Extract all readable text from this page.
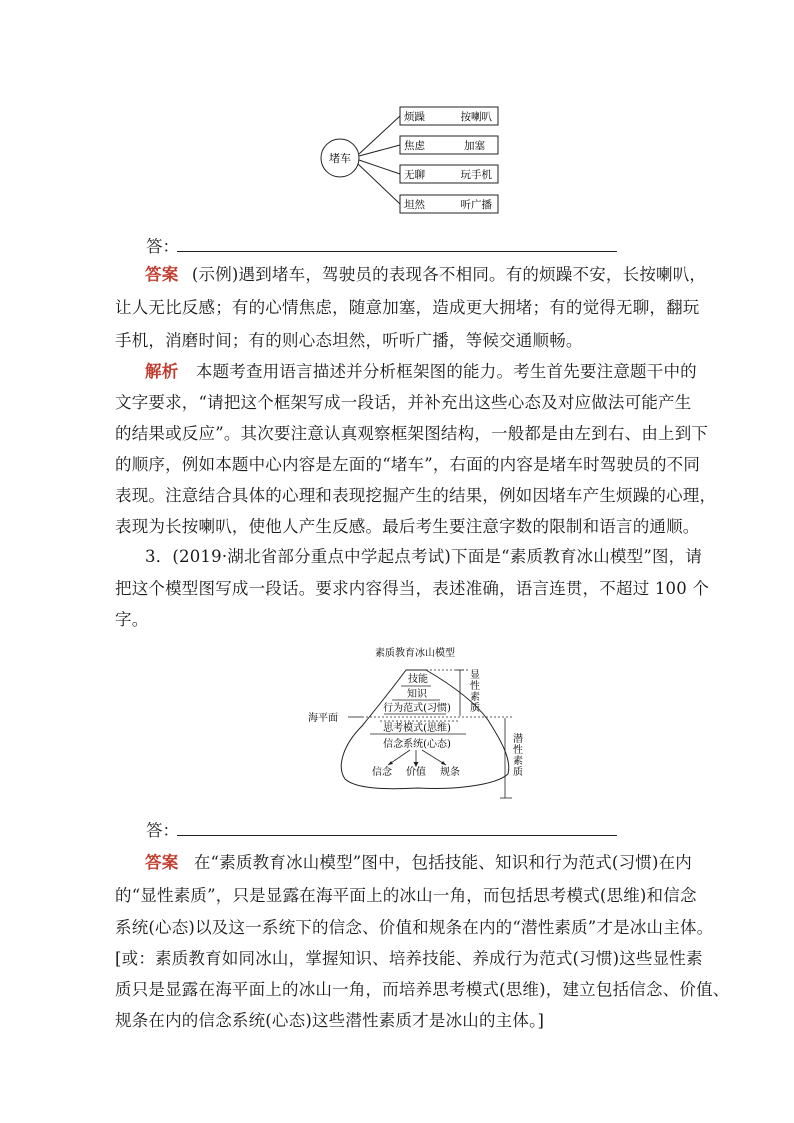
堵车
烦躁	按喇叭
焦虑	加塞
无聊	玩手机
坦然	听广播
答：
答案 (示例)遇到堵车，驾驶员的表现各不相同。有的烦躁不安，长按喇叭，
让人无比反感；有的心情焦虑，随意加塞，造成更大拥堵；有的觉得无聊，翻玩
手机，消磨时间；有的则心态坦然，听听广播，等候交通顺畅。
解析 本题考查用语言描述并分析框架图的能力。考生首先要注意题干中的
文字要求，“请把这个框架写成一段话，并补充出这些心态及对应做法可能产生
的结果或反应”。其次要注意认真观察框架图结构，一般都是由左到右、由上到下
的顺序，例如本题中心内容是左面的“堵车”，右面的内容是堵车时驾驶员的不同
表现。注意结合具体的心理和表现挖掘产生的结果，例如因堵车产生烦躁的心理，
表现为长按喇叭，使他人产生反感。最后考生要注意字数的限制和语言的通顺。
3．(2019·湖北省部分重点中学起点考试)下面是“素质教育冰山模型”图，请
把这个模型图写成一段话。要求内容得当，表述准确，语言连贯，不超过 100 个
字。
素质教育冰山模型
技能
知识
行为范式(习惯)
思考模式(思维)
信念系统(心态)
信念 价值 规条
海平面
显 性 素 质
潜 性 素 质
答：
答案 在“素质教育冰山模型”图中，包括技能、知识和行为范式(习惯)在内
的“显性素质”，只是显露在海平面上的冰山一角，而包括思考模式(思维)和信念
系统(心态)以及这一系统下的信念、价值和规条在内的“潜性素质”才是冰山主体。
[或：素质教育如同冰山，掌握知识、培养技能、养成行为范式(习惯)这些显性素
质只是显露在海平面上的冰山一角，而培养思考模式(思维)，建立包括信念、价值、
规条在内的信念系统(心态)这些潜性素质才是冰山的主体。]
